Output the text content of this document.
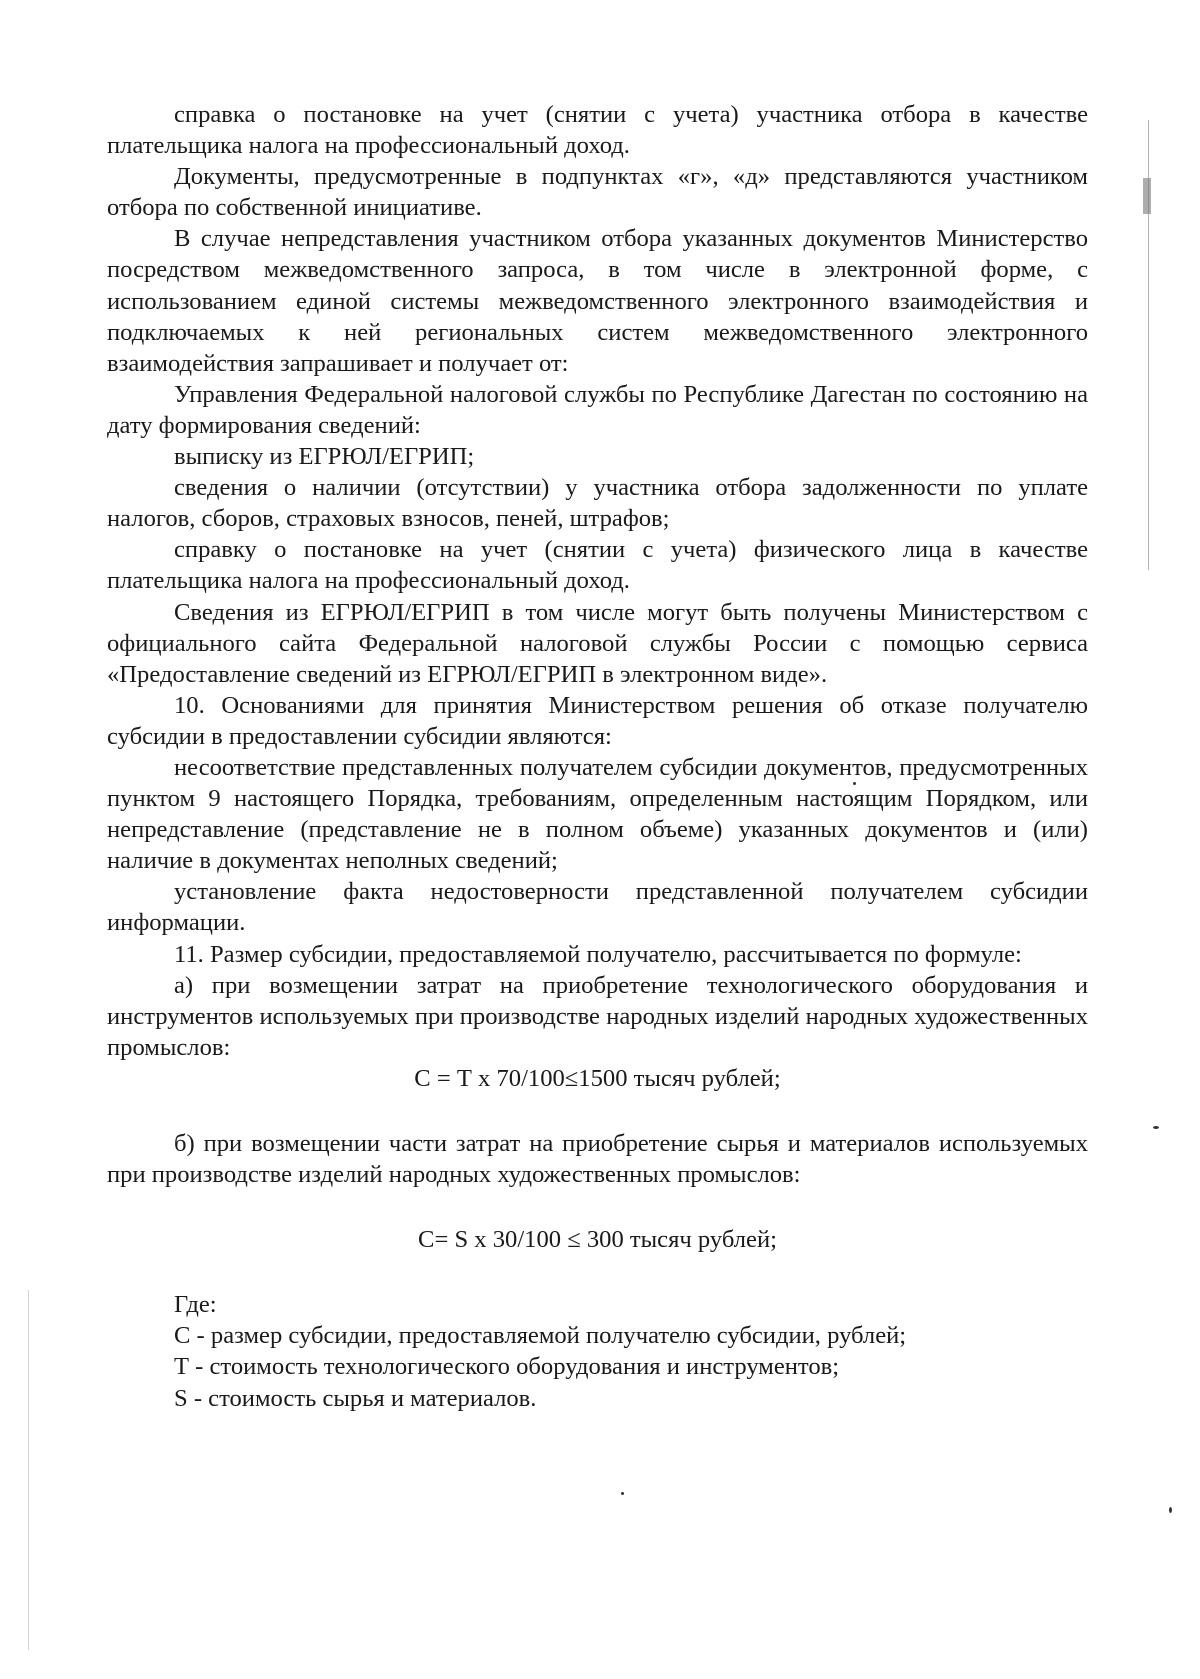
справка о постановке на учет (снятии с учета) участника отбора в качестве плательщика налога на профессиональный доход.

Документы, предусмотренные в подпунктах «г», «д» представляются участником отбора по собственной инициативе.

В случае непредставления участником отбора указанных документов Министерство посредством межведомственного запроса, в том числе в электронной форме, с использованием единой системы межведомственного электронного взаимодействия и подключаемых к ней региональных систем межведомственного электронного взаимодействия запрашивает и получает от:

Управления Федеральной налоговой службы по Республике Дагестан по состоянию на дату формирования сведений:

выписку из ЕГРЮЛ/ЕГРИП;

сведения о наличии (отсутствии) у участника отбора задолженности по уплате налогов, сборов, страховых взносов, пеней, штрафов;

справку о постановке на учет (снятии с учета) физического лица в качестве плательщика налога на профессиональный доход.

Сведения из ЕГРЮЛ/ЕГРИП в том числе могут быть получены Министерством с официального сайта Федеральной налоговой службы России с помощью сервиса «Предоставление сведений из ЕГРЮЛ/ЕГРИП в электронном виде».

10. Основаниями для принятия Министерством решения об отказе получателю субсидии в предоставлении субсидии являются:

несоответствие представленных получателем субсидии документов, предусмотренных пунктом 9 настоящего Порядка, требованиям, определенным настоящим Порядком, или непредставление (представление не в полном объеме) указанных документов и (или) наличие в документах неполных сведений;

установление факта недостоверности представленной получателем субсидии информации.

11. Размер субсидии, предоставляемой получателю, рассчитывается по формуле:

а) при возмещении затрат на приобретение технологического оборудования и инструментов используемых при производстве народных изделий народных художественных промыслов:

С = Т х 70/100≤1500 тысяч рублей;

б) при возмещении части затрат на приобретение сырья и материалов используемых при производстве изделий народных художественных промыслов:

С= S х 30/100 ≤ 300 тысяч рублей;

Где:

С - размер субсидии, предоставляемой получателю субсидии, рублей;

Т - стоимость технологического оборудования и инструментов;

S - стоимость сырья и материалов.
